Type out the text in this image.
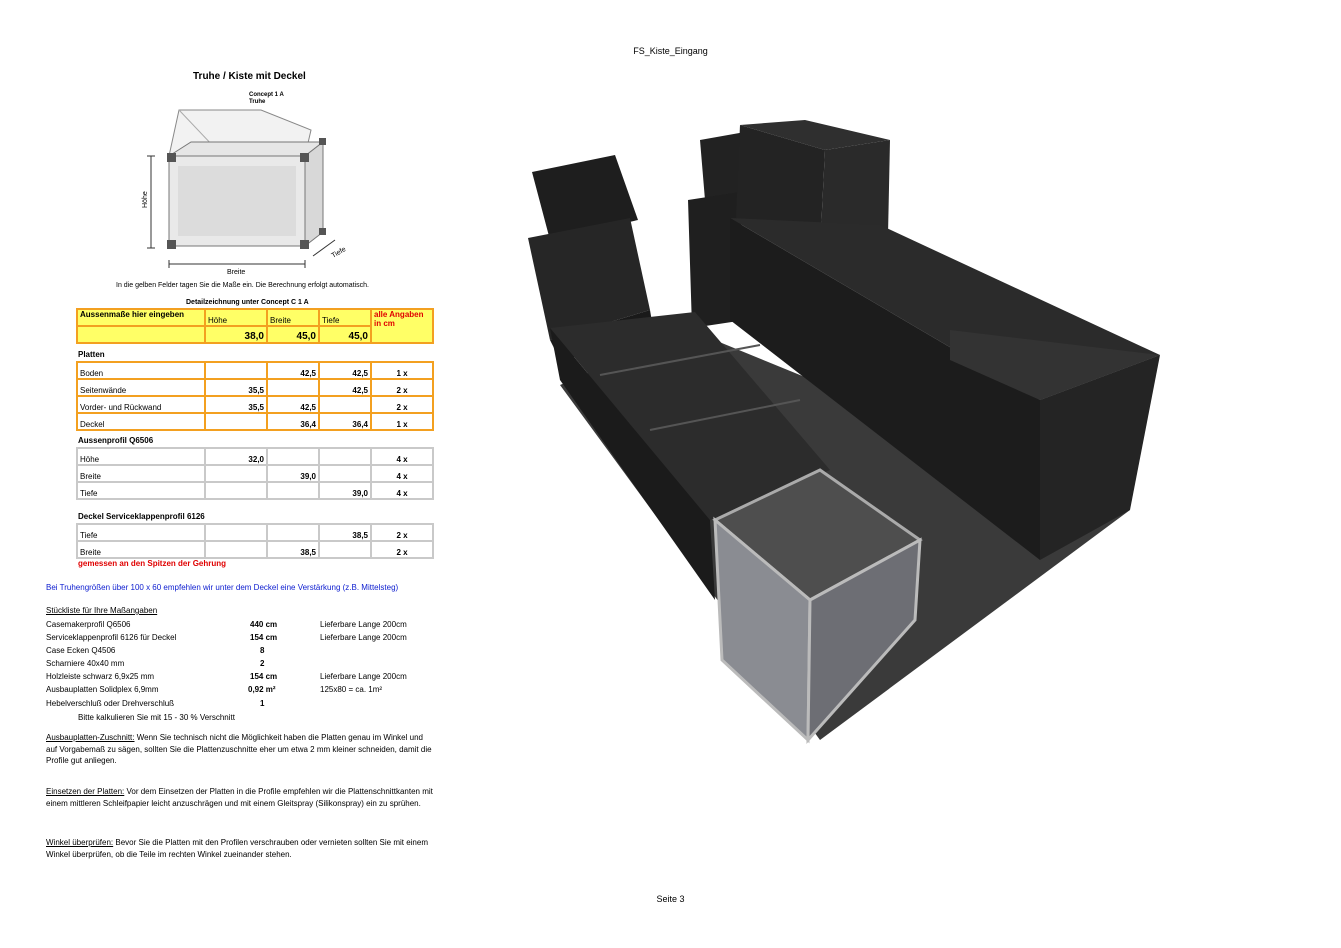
FS_Kiste_Eingang
Seite 3
Truhe / Kiste mit Deckel
Concept 1 A
Truhe
Höhe
Breite
Tiefe
In die gelben Felder tagen Sie die Maße ein. Die Berechnung erfolgt automatisch.
Detailzeichnung unter Concept C 1 A
Aussenmaße hier eingeben	Höhe	Breite	Tiefe	alle Angaben in cm
	38,0	45,0	45,0	
Platten
Boden		42,5	42,5	1 x
Seitenwände	35,5		42,5	2 x
Vorder- und Rückwand	35,5	42,5		2 x
Deckel		36,4	36,4	1 x
Aussenprofil Q6506
Höhe	32,0			4 x
Breite		39,0		4 x
Tiefe			39,0	4 x
Deckel Serviceklappenprofil 6126
Tiefe			38,5	2 x
Breite		38,5		2 x
gemessen an den Spitzen der Gehrung
Bei Truhengrößen über 100 x 60 empfehlen wir unter dem Deckel eine Verstärkung (z.B. Mittelsteg)
Stückliste für Ihre Maßangaben
Casemakerprofil Q6506	440 cm	Lieferbare Lange 200cm
Serviceklappenprofil 6126 für Deckel	154 cm	Lieferbare Lange 200cm
Case Ecken Q4506	8
Scharniere 40x40 mm	2
Holzleiste schwarz 6,9x25 mm	154 cm	Lieferbare Lange 200cm
Ausbauplatten Solidplex 6,9mm	0,92 m²	125x80 = ca. 1m²
Hebelverschluß oder Drehverschluß	1
Bitte kalkulieren Sie mit 15 - 30 % Verschnitt
Ausbauplatten-Zuschnitt: Wenn Sie technisch nicht die Möglichkeit haben die Platten genau im Winkel und auf Vorgabemaß zu sägen, sollten Sie die Plattenzuschnitte eher um etwa 2 mm kleiner schneiden, damit die Profile gut anliegen.
Einsetzen der Platten: Vor dem Einsetzen der Platten in die Profile empfehlen wir die Plattenschnittkanten mit einem mittleren Schleifpapier leicht anzuschrägen und mit einem Gleitspray (Silikonspray) ein zu sprühen.
Winkel überprüfen: Bevor Sie die Platten mit den Profilen verschrauben oder vernieten sollten Sie mit einem Winkel überprüfen, ob die Teile im rechten Winkel zueinander stehen.
